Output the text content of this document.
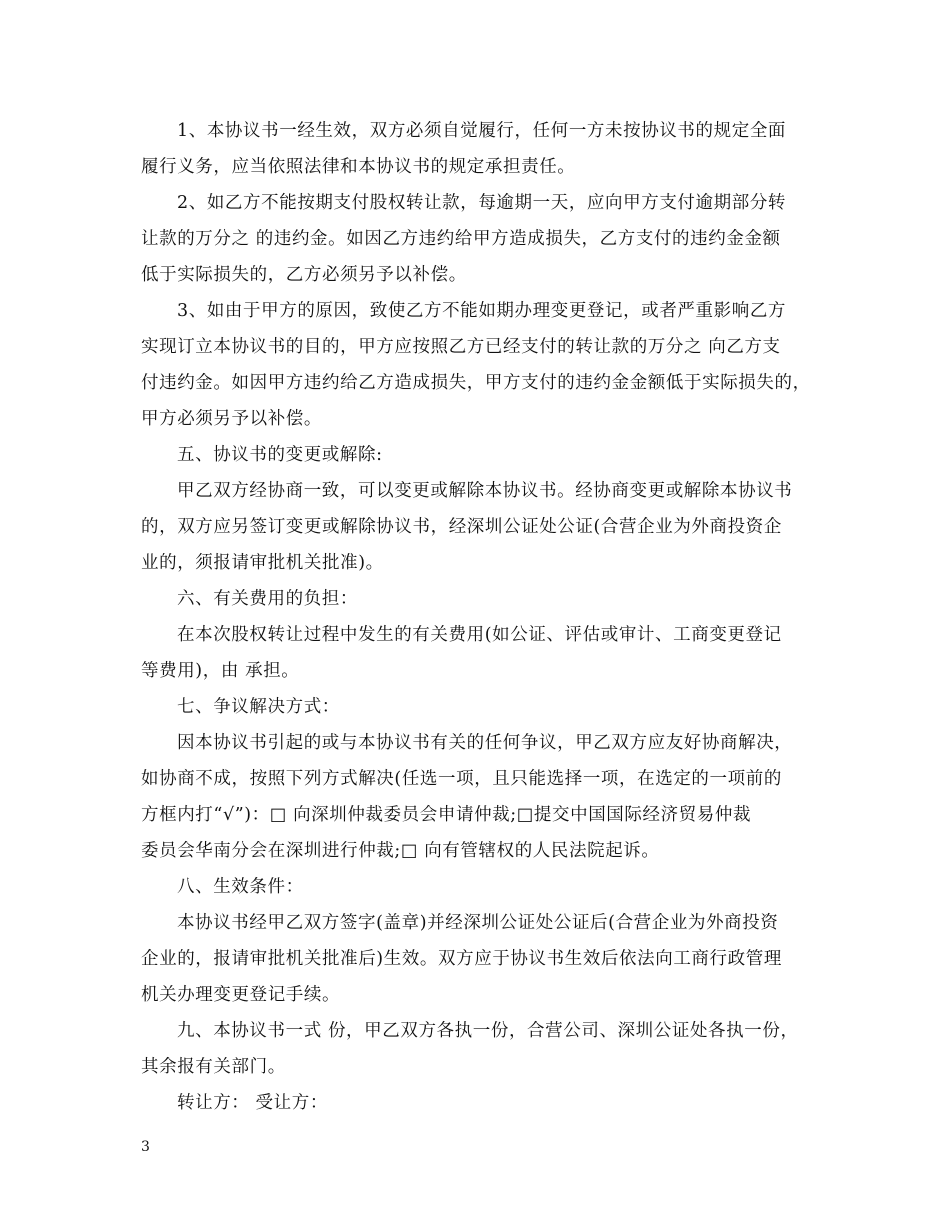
1、本协议书一经生效，双方必须自觉履行，任何一方未按协议书的规定全面
履行义务，应当依照法律和本协议书的规定承担责任。
2、如乙方不能按期支付股权转让款，每逾期一天，应向甲方支付逾期部分转
让款的万分之 的违约金。如因乙方违约给甲方造成损失，乙方支付的违约金金额
低于实际损失的，乙方必须另予以补偿。
3、如由于甲方的原因，致使乙方不能如期办理变更登记，或者严重影响乙方
实现订立本协议书的目的，甲方应按照乙方已经支付的转让款的万分之 向乙方支
付违约金。如因甲方违约给乙方造成损失，甲方支付的违约金金额低于实际损失的，
甲方必须另予以补偿。
五、协议书的变更或解除:
甲乙双方经协商一致，可以变更或解除本协议书。经协商变更或解除本协议书
的，双方应另签订变更或解除协议书，经深圳公证处公证(合营企业为外商投资企
业的，须报请审批机关批准)。
六、有关费用的负担：
在本次股权转让过程中发生的有关费用(如公证、评估或审计、工商变更登记
等费用)，由 承担。
七、争议解决方式：
因本协议书引起的或与本协议书有关的任何争议，甲乙双方应友好协商解决，
如协商不成，按照下列方式解决(任选一项，且只能选择一项，在选定的一项前的
方框内打“√”)：□ 向深圳仲裁委员会申请仲裁;□提交中国国际经济贸易仲裁
委员会华南分会在深圳进行仲裁;□ 向有管辖权的人民法院起诉。
八、生效条件：
本协议书经甲乙双方签字(盖章)并经深圳公证处公证后(合营企业为外商投资
企业的，报请审批机关批准后)生效。双方应于协议书生效后依法向工商行政管理
机关办理变更登记手续。
九、本协议书一式 份，甲乙双方各执一份，合营公司、深圳公证处各执一份，
其余报有关部门。
转让方： 受让方：
3
